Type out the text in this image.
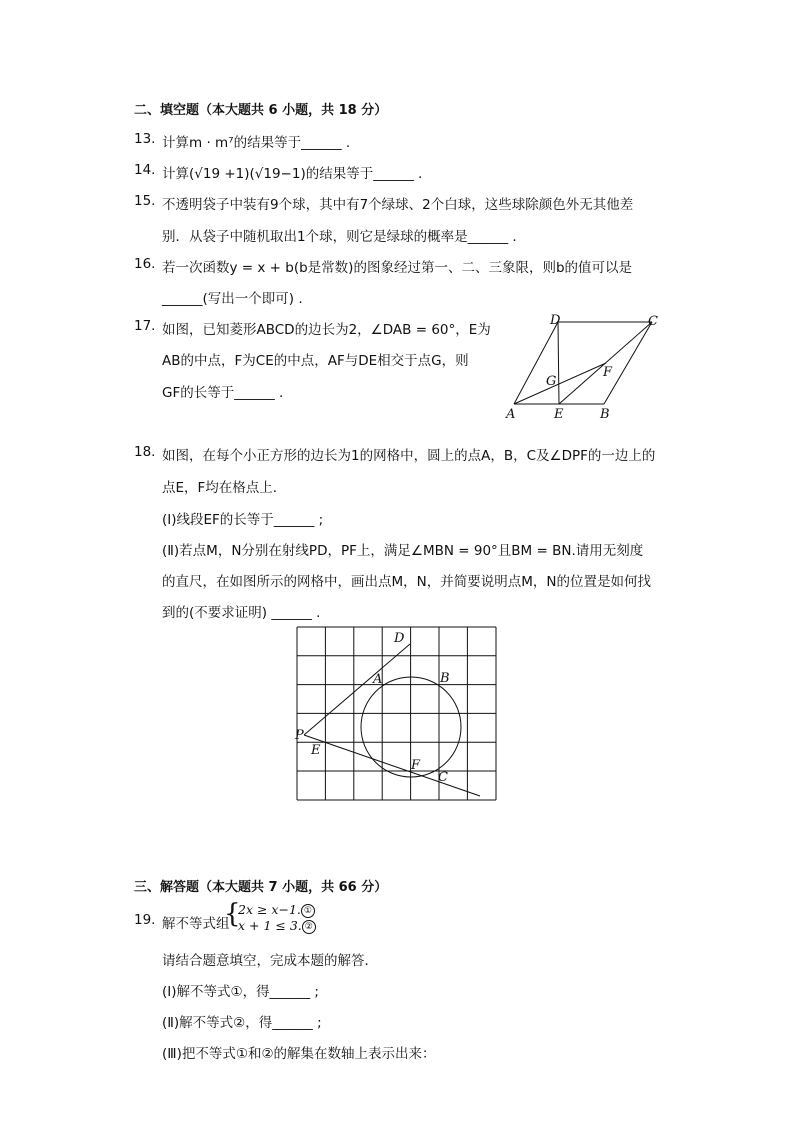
二、填空题（本大题共 6 小题，共 18 分）
13. 计算m · m⁷的结果等于______ .
14. 计算(√19 +1)(√19−1)的结果等于______ .
15. 不透明袋子中装有9个球，其中有7个绿球、2个白球，这些球除颜色外无其他差
别．从袋子中随机取出1个球，则它是绿球的概率是______ .
16. 若一次函数y = x + b(b是常数)的图象经过第一、二、三象限，则b的值可以是
______(写出一个即可) .
17. 如图，已知菱形ABCD的边长为2，∠DAB = 60°，E为
AB的中点，F为CE的中点，AF与DE相交于点G，则
GF的长等于______ .
A	E	B
C
D
F
G
18. 如图，在每个小正方形的边长为1的网格中，圆上的点A，B，C及∠DPF的一边上的
点E，F均在格点上．
(Ⅰ)线段EF的长等于______ ;
(Ⅱ)若点M，N分别在射线PD，PF上，满足∠MBN = 90°且BM = BN.请用无刻度
的直尺，在如图所示的网格中，画出点M，N，并简要说明点M，N的位置是如何找
到的(不要求证明) ______ .
D
A	B
P
E
F
C
三、解答题（本大题共 7 小题，共 66 分）
19. 解不等式组
{
2x ≥ x−1. ①
x + 1 ≤ 3. ②
请结合题意填空，完成本题的解答．
(Ⅰ)解不等式①，得______ ;
(Ⅱ)解不等式②，得______ ;
(Ⅲ)把不等式①和②的解集在数轴上表示出来：
